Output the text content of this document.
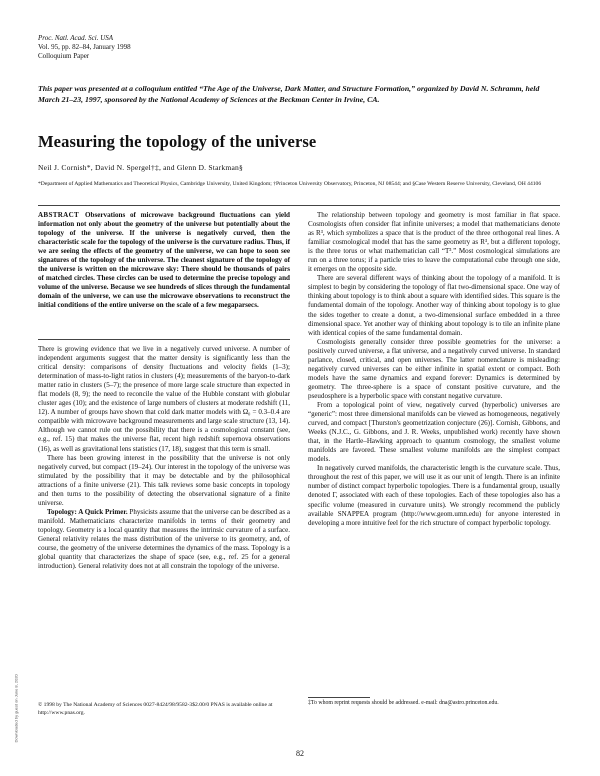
Proc. Natl. Acad. Sci. USA
Vol. 95, pp. 82–84, January 1998
Colloquium Paper
This paper was presented at a colloquium entitled “The Age of the Universe, Dark Matter, and Structure Formation,” organized by David N. Schramm, held March 21–23, 1997, sponsored by the National Academy of Sciences at the Beckman Center in Irvine, CA.
Measuring the topology of the universe
Neil J. Cornish*, David N. Spergel†‡, and Glenn D. Starkman§
*Department of Applied Mathematics and Theoretical Physics, Cambridge University, United Kingdom; †Princeton University Observatory, Princeton, NJ 08544; and §Case Western Reserve University, Cleveland, OH 44106
ABSTRACT Observations of microwave background fluctuations can yield information not only about the geometry of the universe but potentially about the topology of the universe. If the universe is negatively curved, then the characteristic scale for the topology of the universe is the curvature radius. Thus, if we are seeing the effects of the geometry of the universe, we can hope to soon see signatures of the topology of the universe. The cleanest signature of the topology of the universe is written on the microwave sky: There should be thousands of pairs of matched circles. These circles can be used to determine the precise topology and volume of the universe. Because we see hundreds of slices through the fundamental domain of the universe, we can use the microwave observations to reconstruct the initial conditions of the entire universe on the scale of a few megaparsecs.

There is growing evidence that we live in a negatively curved universe. A number of independent arguments suggest that the matter density is significantly less than the critical density: comparisons of density fluctuations and velocity fields (1–3); determination of mass-to-light ratios in clusters (4); measurements of the baryon-to-dark matter ratio in clusters (5–7); the presence of more large scale structure than expected in flat models (8, 9); the need to reconcile the value of the Hubble constant with globular cluster ages (10); and the existence of large numbers of clusters at moderate redshift (11, 12). A number of groups have shown that cold dark matter models with Ω₀ = 0.3–0.4 are compatible with microwave background measurements and large scale structure (13, 14). Although we cannot rule out the possibility that there is a cosmological constant (see, e.g., ref. 15) that makes the universe flat, recent high redshift supernova observations (16), as well as gravitational lens statistics (17, 18), suggest that this term is small.

There has been growing interest in the possibility that the universe is not only negatively curved, but compact (19–24). Our interest in the topology of the universe was stimulated by the possibility that it may be detectable and by the philosophical attractions of a finite universe (21). This talk reviews some basic concepts in topology and then turns to the possibility of detecting the observational signature of a finite universe.

Topology: A Quick Primer. Physicists assume that the universe can be described as a manifold. Mathematicians characterize manifolds in terms of their geometry and topology. Geometry is a local quantity that measures the intrinsic curvature of a surface. General relativity relates the mass distribution of the universe to its geometry, and, of course, the geometry of the universe determines the dynamics of the mass. Topology is a global quantity that characterizes the shape of space (see, e.g., ref. 25 for a general introduction). General relativity does not at all constrain the topology of the universe.

The relationship between topology and geometry is most familiar in flat space. Cosmologists often consider flat infinite universes; a model that mathematicians denote as R³, which symbolizes a space that is the product of the three orthogonal real lines. A familiar cosmological model that has the same geometry as R³, but a different topology, is the three torus or what mathematician call “T³.” Most cosmological simulations are run on a three torus; if a particle tries to leave the computational cube through one side, it emerges on the opposite side.

There are several different ways of thinking about the topology of a manifold. It is simplest to begin by considering the topology of flat two-dimensional space. One way of thinking about topology is to think about a square with identified sides. This square is the fundamental domain of the topology. Another way of thinking about topology is to glue the sides together to create a donut, a two-dimensional surface embedded in a three dimensional space. Yet another way of thinking about topology is to tile an infinite plane with identical copies of the same fundamental domain.

Cosmologists generally consider three possible geometries for the universe: a positively curved universe, a flat universe, and a negatively curved universe. In standard parlance, closed, critical, and open universes. The latter nomenclature is misleading: negatively curved universes can be either infinite in spatial extent or compact. Both models have the same dynamics and expand forever: Dynamics is determined by geometry. The three-sphere is a space of constant positive curvature, and the pseudosphere is a hyperbolic space with constant negative curvature.

From a topological point of view, negatively curved (hyperbolic) universes are “generic”: most three dimensional manifolds can be viewed as homogeneous, negatively curved, and compact [Thurston's geometrization conjecture (26)]. Cornish, Gibbons, and Weeks (N.J.C., G. Gibbons, and J. R. Weeks, unpublished work) recently have shown that, in the Hartle–Hawking approach to quantum cosmology, the smallest volume manifolds are favored. These smallest volume manifolds are the simplest compact models.

In negatively curved manifolds, the characteristic length is the curvature scale. Thus, throughout the rest of this paper, we will use it as our unit of length. There is an infinite number of distinct compact hyperbolic topologies. There is a fundamental group, usually denoted Γ, associated with each of these topologies. Each of these topologies also has a specific volume (measured in curvature units). We strongly recommend the publicly available SNAPPEA program (http://www.geom.umn.edu) for anyone interested in developing a more intuitive feel for the rich structure of compact hyperbolic topology.

© 1998 by The National Academy of Sciences 0027-8424/98/9582-3$2.00/0 PNAS is available online at http://www.pnas.org.
‡To whom reprint requests should be addressed. e-mail: dna@astro.princeton.edu.
82
Downloaded by guest on June 8, 2020
